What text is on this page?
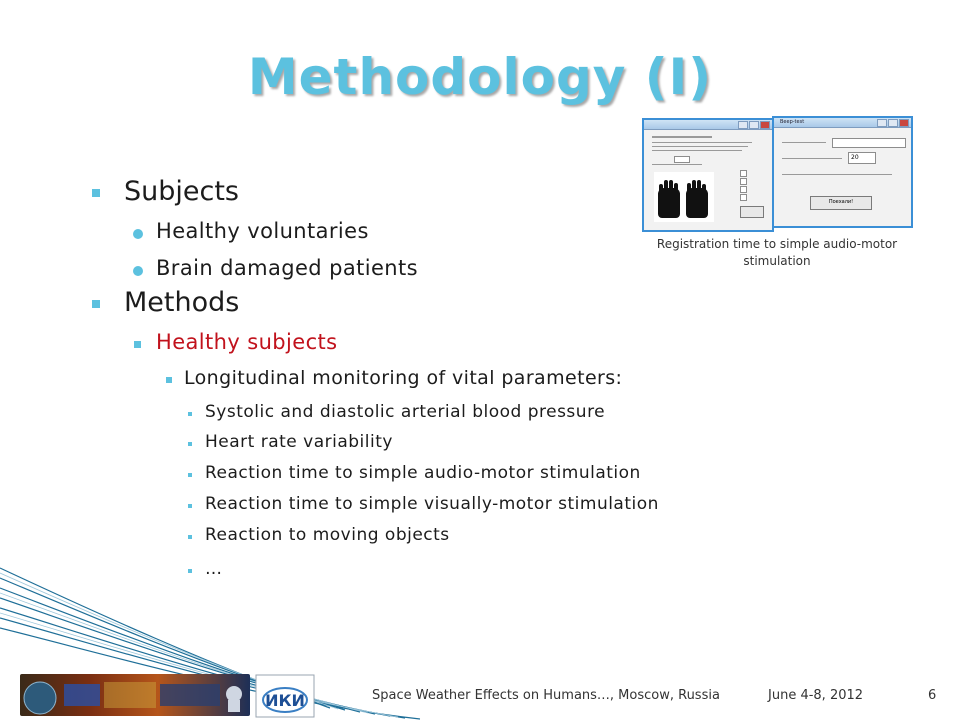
Methodology (I)
Subjects
Healthy voluntaries
Brain damaged patients
Methods
Healthy subjects
Longitudinal monitoring of vital parameters:
Systolic and diastolic arterial blood pressure
Heart rate variability
Reaction time to simple audio-motor stimulation
Reaction time to simple visually-motor stimulation
Reaction to moving objects
…
Beep-test
20
Поехали!
Registration time to simple audio-motor stimulation
ИКИ	Space Weather Effects on Humans…, Moscow, Russia	June 4-8, 2012	6
